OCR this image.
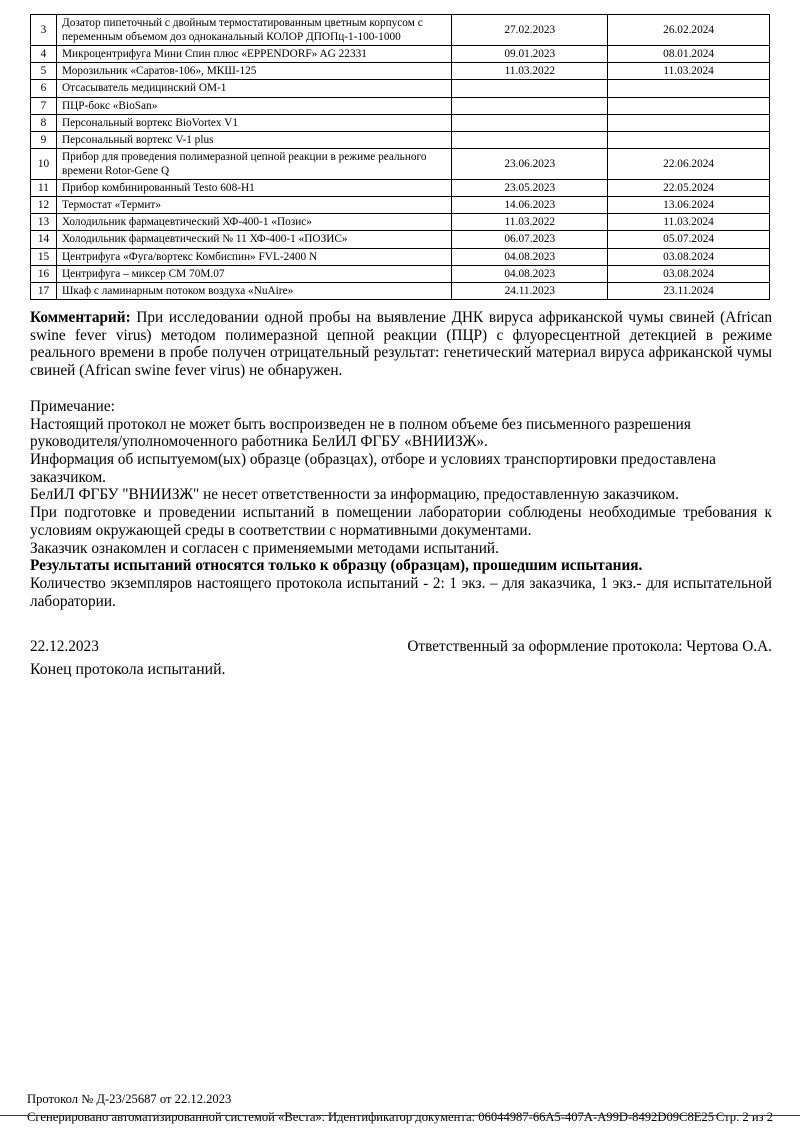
3	Дозатор пипеточный с двойным термостатированным цветным корпусом с переменным объемом доз одноканальный КОЛОР ДПОПц-1-100-1000	27.02.2023	26.02.2024
4	Микроцентрифуга Мини Спин плюс «EPPENDORF» AG 22331	09.01.2023	08.01.2024
5	Морозильник «Саратов-106», МКШ-125	11.03.2022	11.03.2024
6	Отсасыватель медицинский ОМ-1		
7	ПЦР-бокс «BioSan»		
8	Персональный вортекс BioVortex V1		
9	Персональный вортекс V-1 plus		
10	Прибор для проведения полимеразной цепной реакции в режиме реального времени Rotor-Gene Q	23.06.2023	22.06.2024
11	Прибор комбинированный Testo 608-H1	23.05.2023	22.05.2024
12	Термостат «Термит»	14.06.2023	13.06.2024
13	Холодильник фармацевтический ХФ-400-1 «Позис»	11.03.2022	11.03.2024
14	Холодильник фармацевтический № 11 ХФ-400-1 «ПОЗИС»	06.07.2023	05.07.2024
15	Центрифуга «Фуга/вортекс Комбиспин» FVL-2400 N	04.08.2023	03.08.2024
16	Центрифуга – миксер СМ 70М.07	04.08.2023	03.08.2024
17	Шкаф с ламинарным потоком воздуха «NuAire»	24.11.2023	23.11.2024

Комментарий: При исследовании одной пробы на выявление ДНК вируса африканской чумы свиней (African swine fever virus) методом полимеразной цепной реакции (ПЦР) с флуоресцентной детекцией в режиме реального времени в пробе получен отрицательный результат: генетический материал вируса африканской чумы свиней (African swine fever virus) не обнаружен.

Примечание:

Настоящий протокол не может быть воспроизведен не в полном объеме без письменного разрешения руководителя/уполномоченного работника БелИЛ ФГБУ «ВНИИЗЖ».

Информация об испытуемом(ых) образце (образцах), отборе и условиях транспортировки предоставлена заказчиком.

БелИЛ ФГБУ "ВНИИЗЖ" не несет ответственности за информацию, предоставленную заказчиком.

При подготовке и проведении испытаний в помещении лаборатории соблюдены необходимые требования к условиям окружающей среды в соответствии с нормативными документами.

Заказчик ознакомлен и согласен с применяемыми методами испытаний.

Результаты испытаний относятся только к образцу (образцам), прошедшим испытания.

Количество экземпляров настоящего протокола испытаний - 2: 1 экз. – для заказчика, 1 экз.- для испытательной лаборатории.

22.12.2023	Ответственный за оформление протокола: Чертова О.А.

Конец протокола испытаний.

Протокол № Д-23/25687 от 22.12.2023
Сгенерировано автоматизированной системой «Веста». Идентификатор документа: 06044987-66A5-407A-A99D-8492D09C8E25 Стр. 2 из 2
